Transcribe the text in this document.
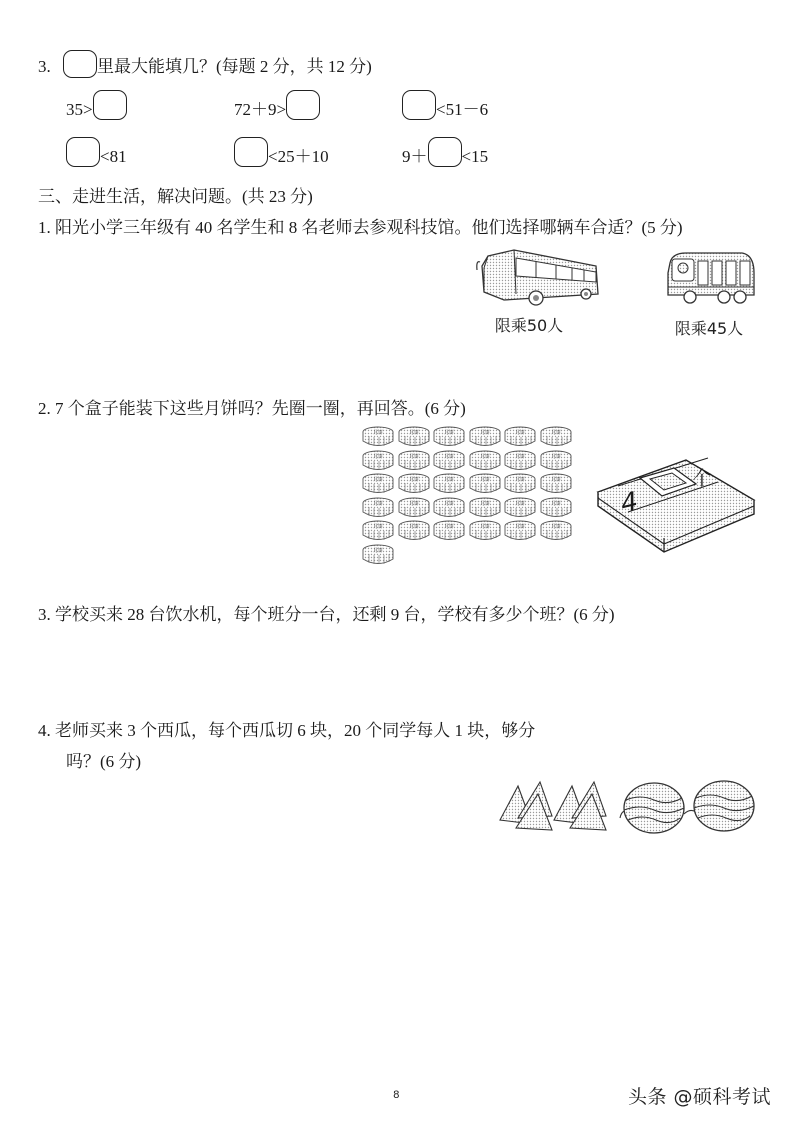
3.	里最大能填几？(每题 2 分，共 12 分)
35>	72＋9>	<51－6
<81	<25＋10	9＋ <15
三、走进生活，解决问题。(共 23 分)
1. 阳光小学三年级有 40 名学生和 8 名老师去参观科技馆。他们选择哪辆车合适？(5 分)
限乘50人	限乘45人
2. 7 个盒子能装下这些月饼吗？先圈一圈，再回答。(6 分)
月饼	月饼	月饼	月饼	月饼	月饼
月饼	月饼	月饼	月饼	月饼	月饼
月饼	月饼	月饼	月饼	月饼	月饼
月饼	月饼	月饼	月饼	月饼	月饼
月饼	月饼	月饼	月饼	月饼	月饼
月饼
4
个
3. 学校买来 28 台饮水机，每个班分一台，还剩 9 台，学校有多少个班？(6 分)
4. 老师买来 3 个西瓜，每个西瓜切 6 块，20 个同学每人 1 块，够分
吗？(6 分)
8	头条 @硕科考试
